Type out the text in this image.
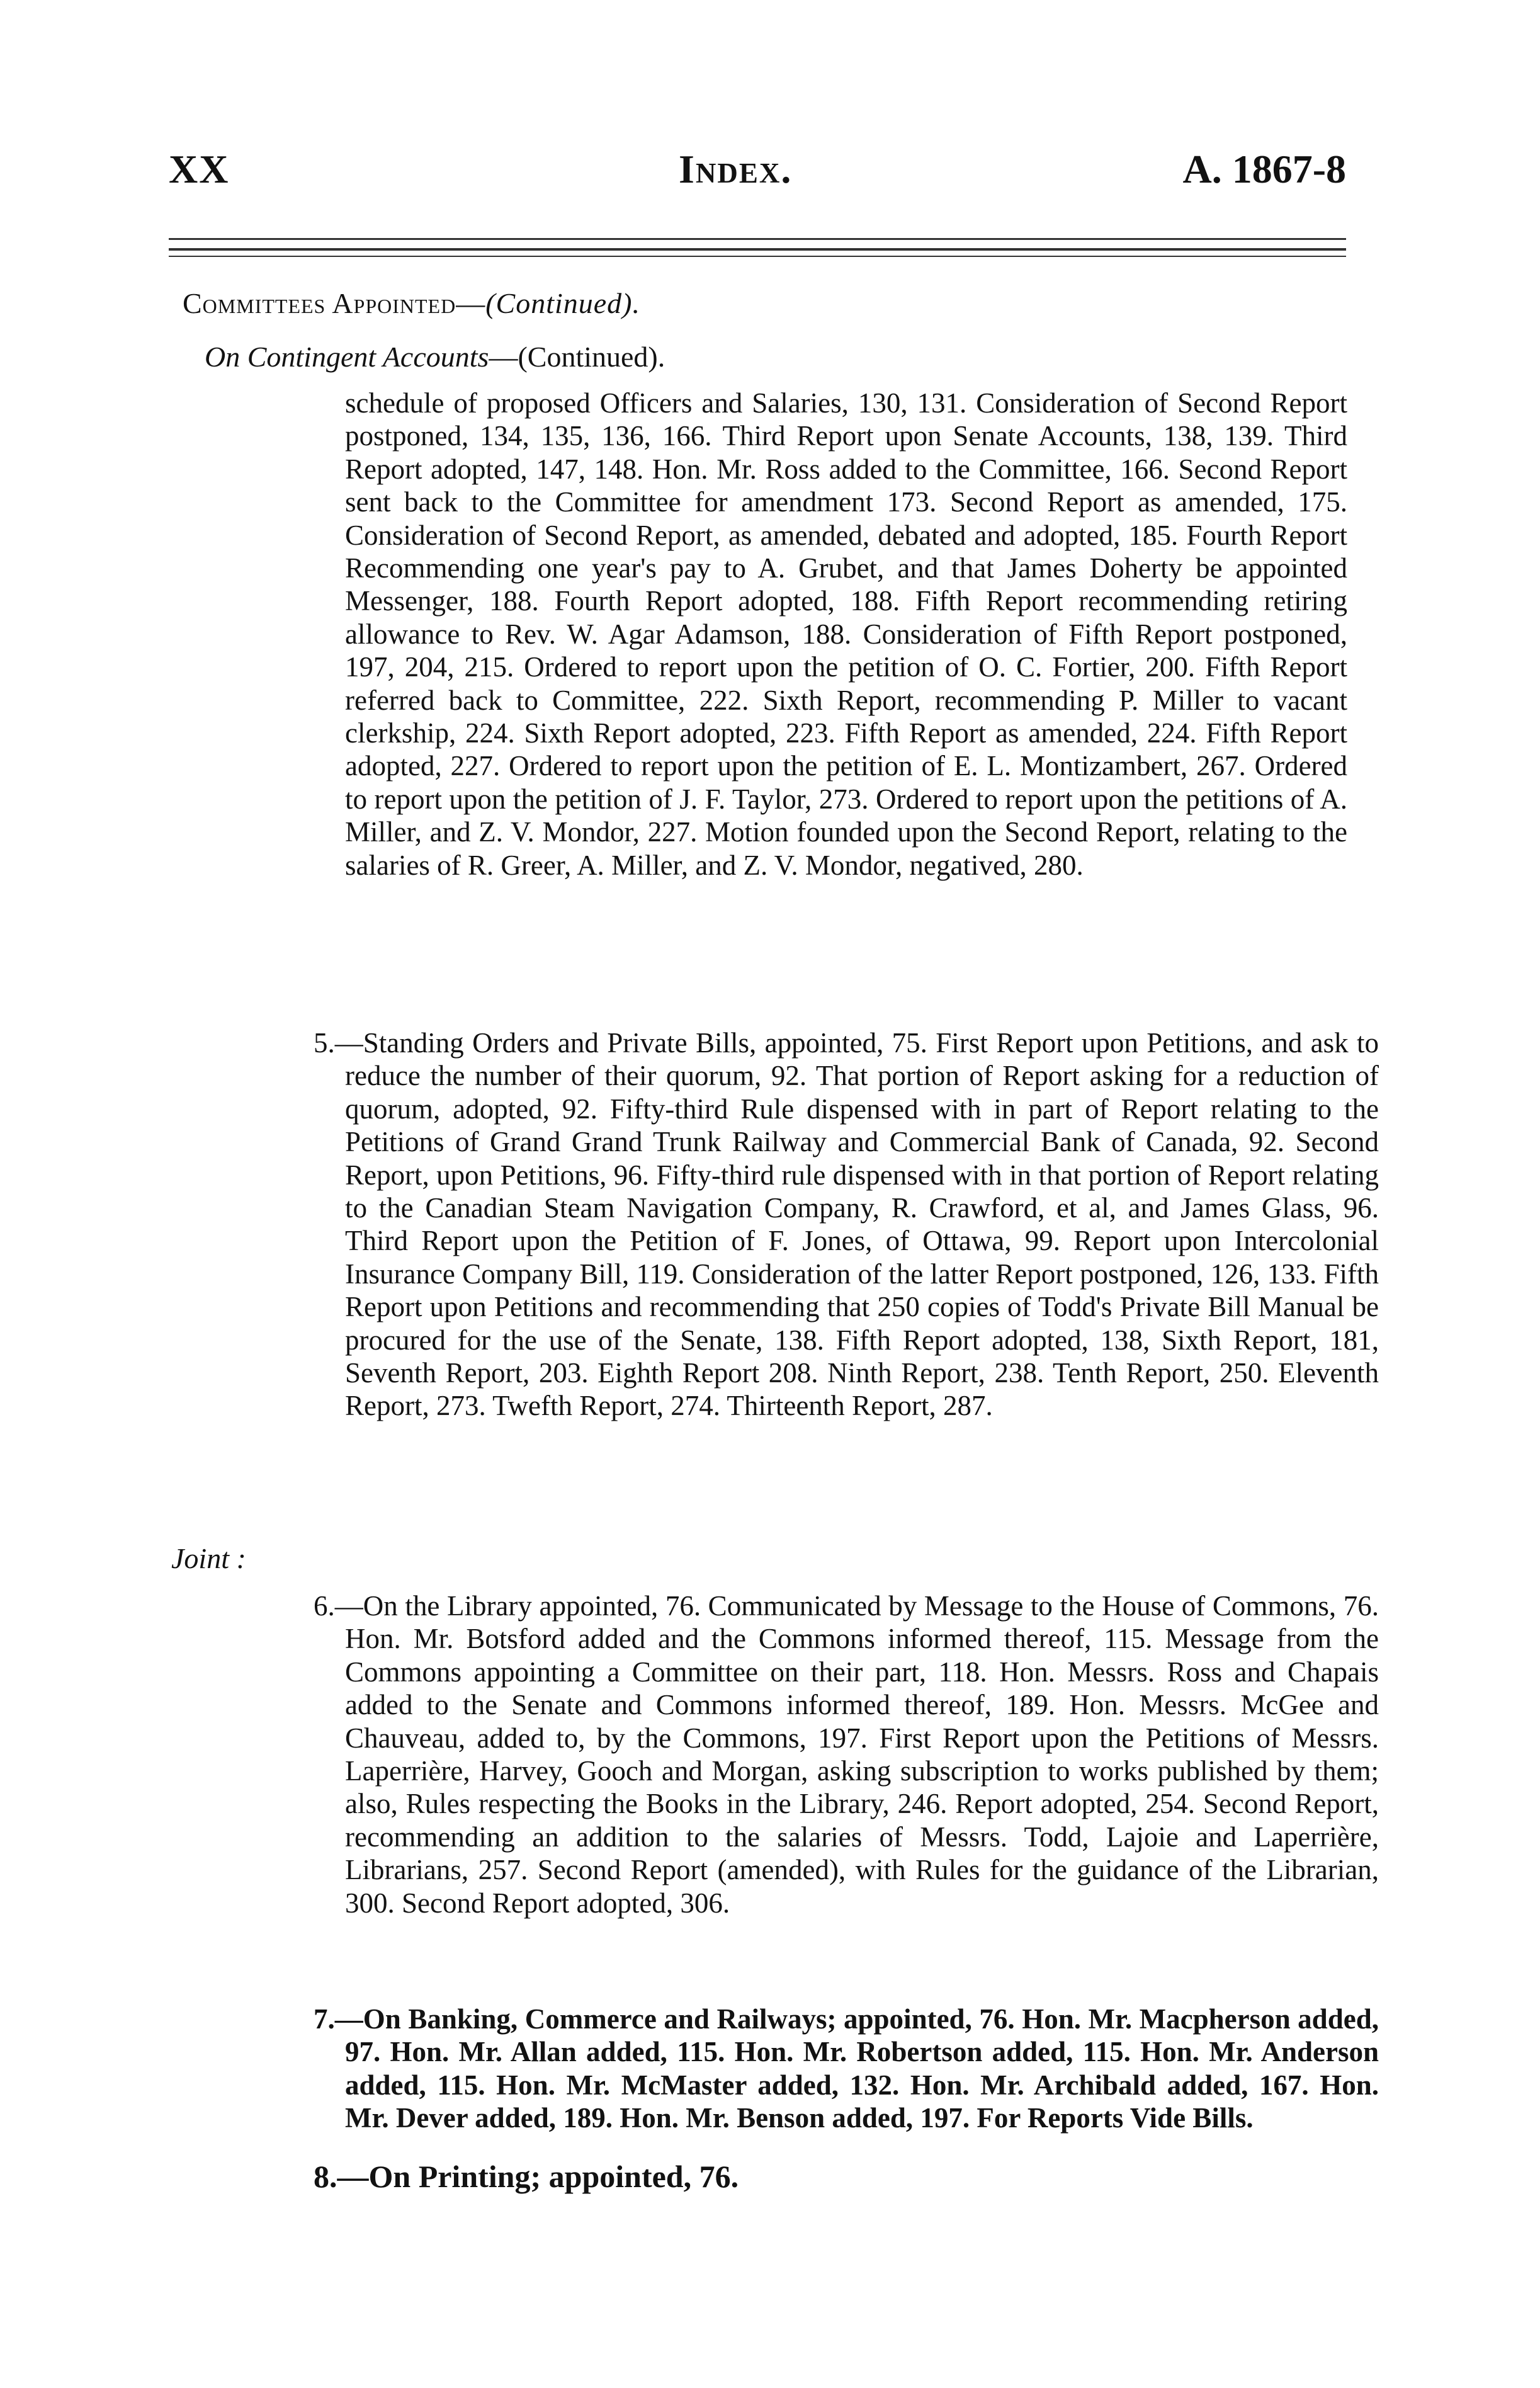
XX	Index.	A. 1867-8
Committees Appointed—(Continued).
On Contingent Accounts—(Continued).

schedule of proposed Officers and Salaries, 130, 131. Consideration of Second Report postponed, 134, 135, 136, 166. Third Report upon Senate Accounts, 138, 139. Third Report adopted, 147, 148. Hon. Mr. Ross added to the Committee, 166. Second Report sent back to the Committee for amendment 173. Second Report as amended, 175. Consideration of Second Report, as amended, debated and adopted, 185. Fourth Report Recommending one year's pay to A. Grubet, and that James Doherty be appointed Messenger, 188. Fourth Report adopted, 188. Fifth Report recommending retiring allowance to Rev. W. Agar Adamson, 188. Consideration of Fifth Report postponed, 197, 204, 215. Ordered to report upon the petition of O. C. Fortier, 200. Fifth Report referred back to Committee, 222. Sixth Report, recommending P. Miller to vacant clerkship, 224. Sixth Report adopted, 223. Fifth Report as amended, 224. Fifth Report adopted, 227. Ordered to report upon the petition of E. L. Montizambert, 267. Ordered to report upon the petition of J. F. Taylor, 273. Ordered to report upon the petitions of A. Miller, and Z. V. Mondor, 227. Motion founded upon the Second Report, relating to the salaries of R. Greer, A. Miller, and Z. V. Mondor, negatived, 280.

5.—Standing Orders and Private Bills, appointed, 75. First Report upon Petitions, and ask to reduce the number of their quorum, 92. That portion of Report asking for a reduction of quorum, adopted, 92. Fifty-third Rule dispensed with in part of Report relating to the Petitions of Grand Grand Trunk Railway and Commercial Bank of Canada, 92. Second Report, upon Petitions, 96. Fifty-third rule dispensed with in that portion of Report relating to the Canadian Steam Navigation Company, R. Crawford, et al, and James Glass, 96. Third Report upon the Petition of F. Jones, of Ottawa, 99. Report upon Intercolonial Insurance Company Bill, 119. Consideration of the latter Report postponed, 126, 133. Fifth Report upon Petitions and recommending that 250 copies of Todd's Private Bill Manual be procured for the use of the Senate, 138. Fifth Report adopted, 138, Sixth Report, 181, Seventh Report, 203. Eighth Report 208. Ninth Report, 238. Tenth Report, 250. Eleventh Report, 273. Twefth Report, 274. Thirteenth Report, 287.

Joint :

6.—On the Library appointed, 76. Communicated by Message to the House of Commons, 76. Hon. Mr. Botsford added and the Commons informed thereof, 115. Message from the Commons appointing a Committee on their part, 118. Hon. Messrs. Ross and Chapais added to the Senate and Commons informed thereof, 189. Hon. Messrs. McGee and Chauveau, added to, by the Commons, 197. First Report upon the Petitions of Messrs. Laperrière, Harvey, Gooch and Morgan, asking subscription to works published by them; also, Rules respecting the Books in the Library, 246. Report adopted, 254. Second Report, recommending an addition to the salaries of Messrs. Todd, Lajoie and Laperrière, Librarians, 257. Second Report (amended), with Rules for the guidance of the Librarian, 300. Second Report adopted, 306.

7.—On Banking, Commerce and Railways; appointed, 76. Hon. Mr. Macpherson added, 97. Hon. Mr. Allan added, 115. Hon. Mr. Robertson added, 115. Hon. Mr. Anderson added, 115. Hon. Mr. McMaster added, 132. Hon. Mr. Archibald added, 167. Hon. Mr. Dever added, 189. Hon. Mr. Benson added, 197. For Reports Vide Bills.

8.—On Printing; appointed, 76.
